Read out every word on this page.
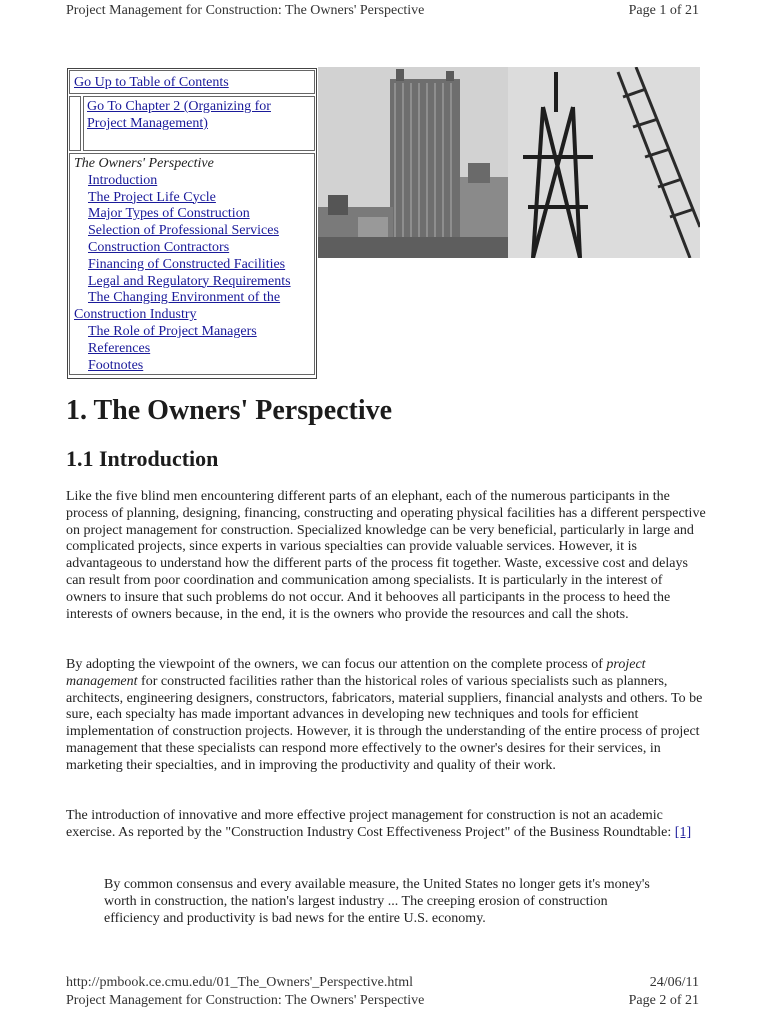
Project Management for Construction: The Owners' Perspective	Page 1 of 21
Go Up to Table of Contents
Go To Chapter 2 (Organizing for Project Management)
The Owners' Perspective
Introduction
The Project Life Cycle
Major Types of Construction
Selection of Professional Services
Construction Contractors
Financing of Constructed Facilities
Legal and Regulatory Requirements
The Changing Environment of the Construction Industry
The Role of Project Managers
References
Footnotes
1. The Owners' Perspective
1.1 Introduction

Like the five blind men encountering different parts of an elephant, each of the numerous participants in the process of planning, designing, financing, constructing and operating physical facilities has a different perspective on project management for construction. Specialized knowledge can be very beneficial, particularly in large and complicated projects, since experts in various specialties can provide valuable services. However, it is advantageous to understand how the different parts of the process fit together. Waste, excessive cost and delays can result from poor coordination and communication among specialists. It is particularly in the interest of owners to insure that such problems do not occur. And it behooves all participants in the process to heed the interests of owners because, in the end, it is the owners who provide the resources and call the shots.

By adopting the viewpoint of the owners, we can focus our attention on the complete process of project management for constructed facilities rather than the historical roles of various specialists such as planners, architects, engineering designers, constructors, fabricators, material suppliers, financial analysts and others. To be sure, each specialty has made important advances in developing new techniques and tools for efficient implementation of construction projects. However, it is through the understanding of the entire process of project management that these specialists can respond more effectively to the owner's desires for their services, in marketing their specialties, and in improving the productivity and quality of their work.

The introduction of innovative and more effective project management for construction is not an academic exercise. As reported by the "Construction Industry Cost Effectiveness Project" of the Business Roundtable: [1]

By common consensus and every available measure, the United States no longer gets it's money's worth in construction, the nation's largest industry ... The creeping erosion of construction efficiency and productivity is bad news for the entire U.S. economy.

http://pmbook.ce.cmu.edu/01_The_Owners'_Perspective.html	24/06/11
Project Management for Construction: The Owners' Perspective	Page 2 of 21
